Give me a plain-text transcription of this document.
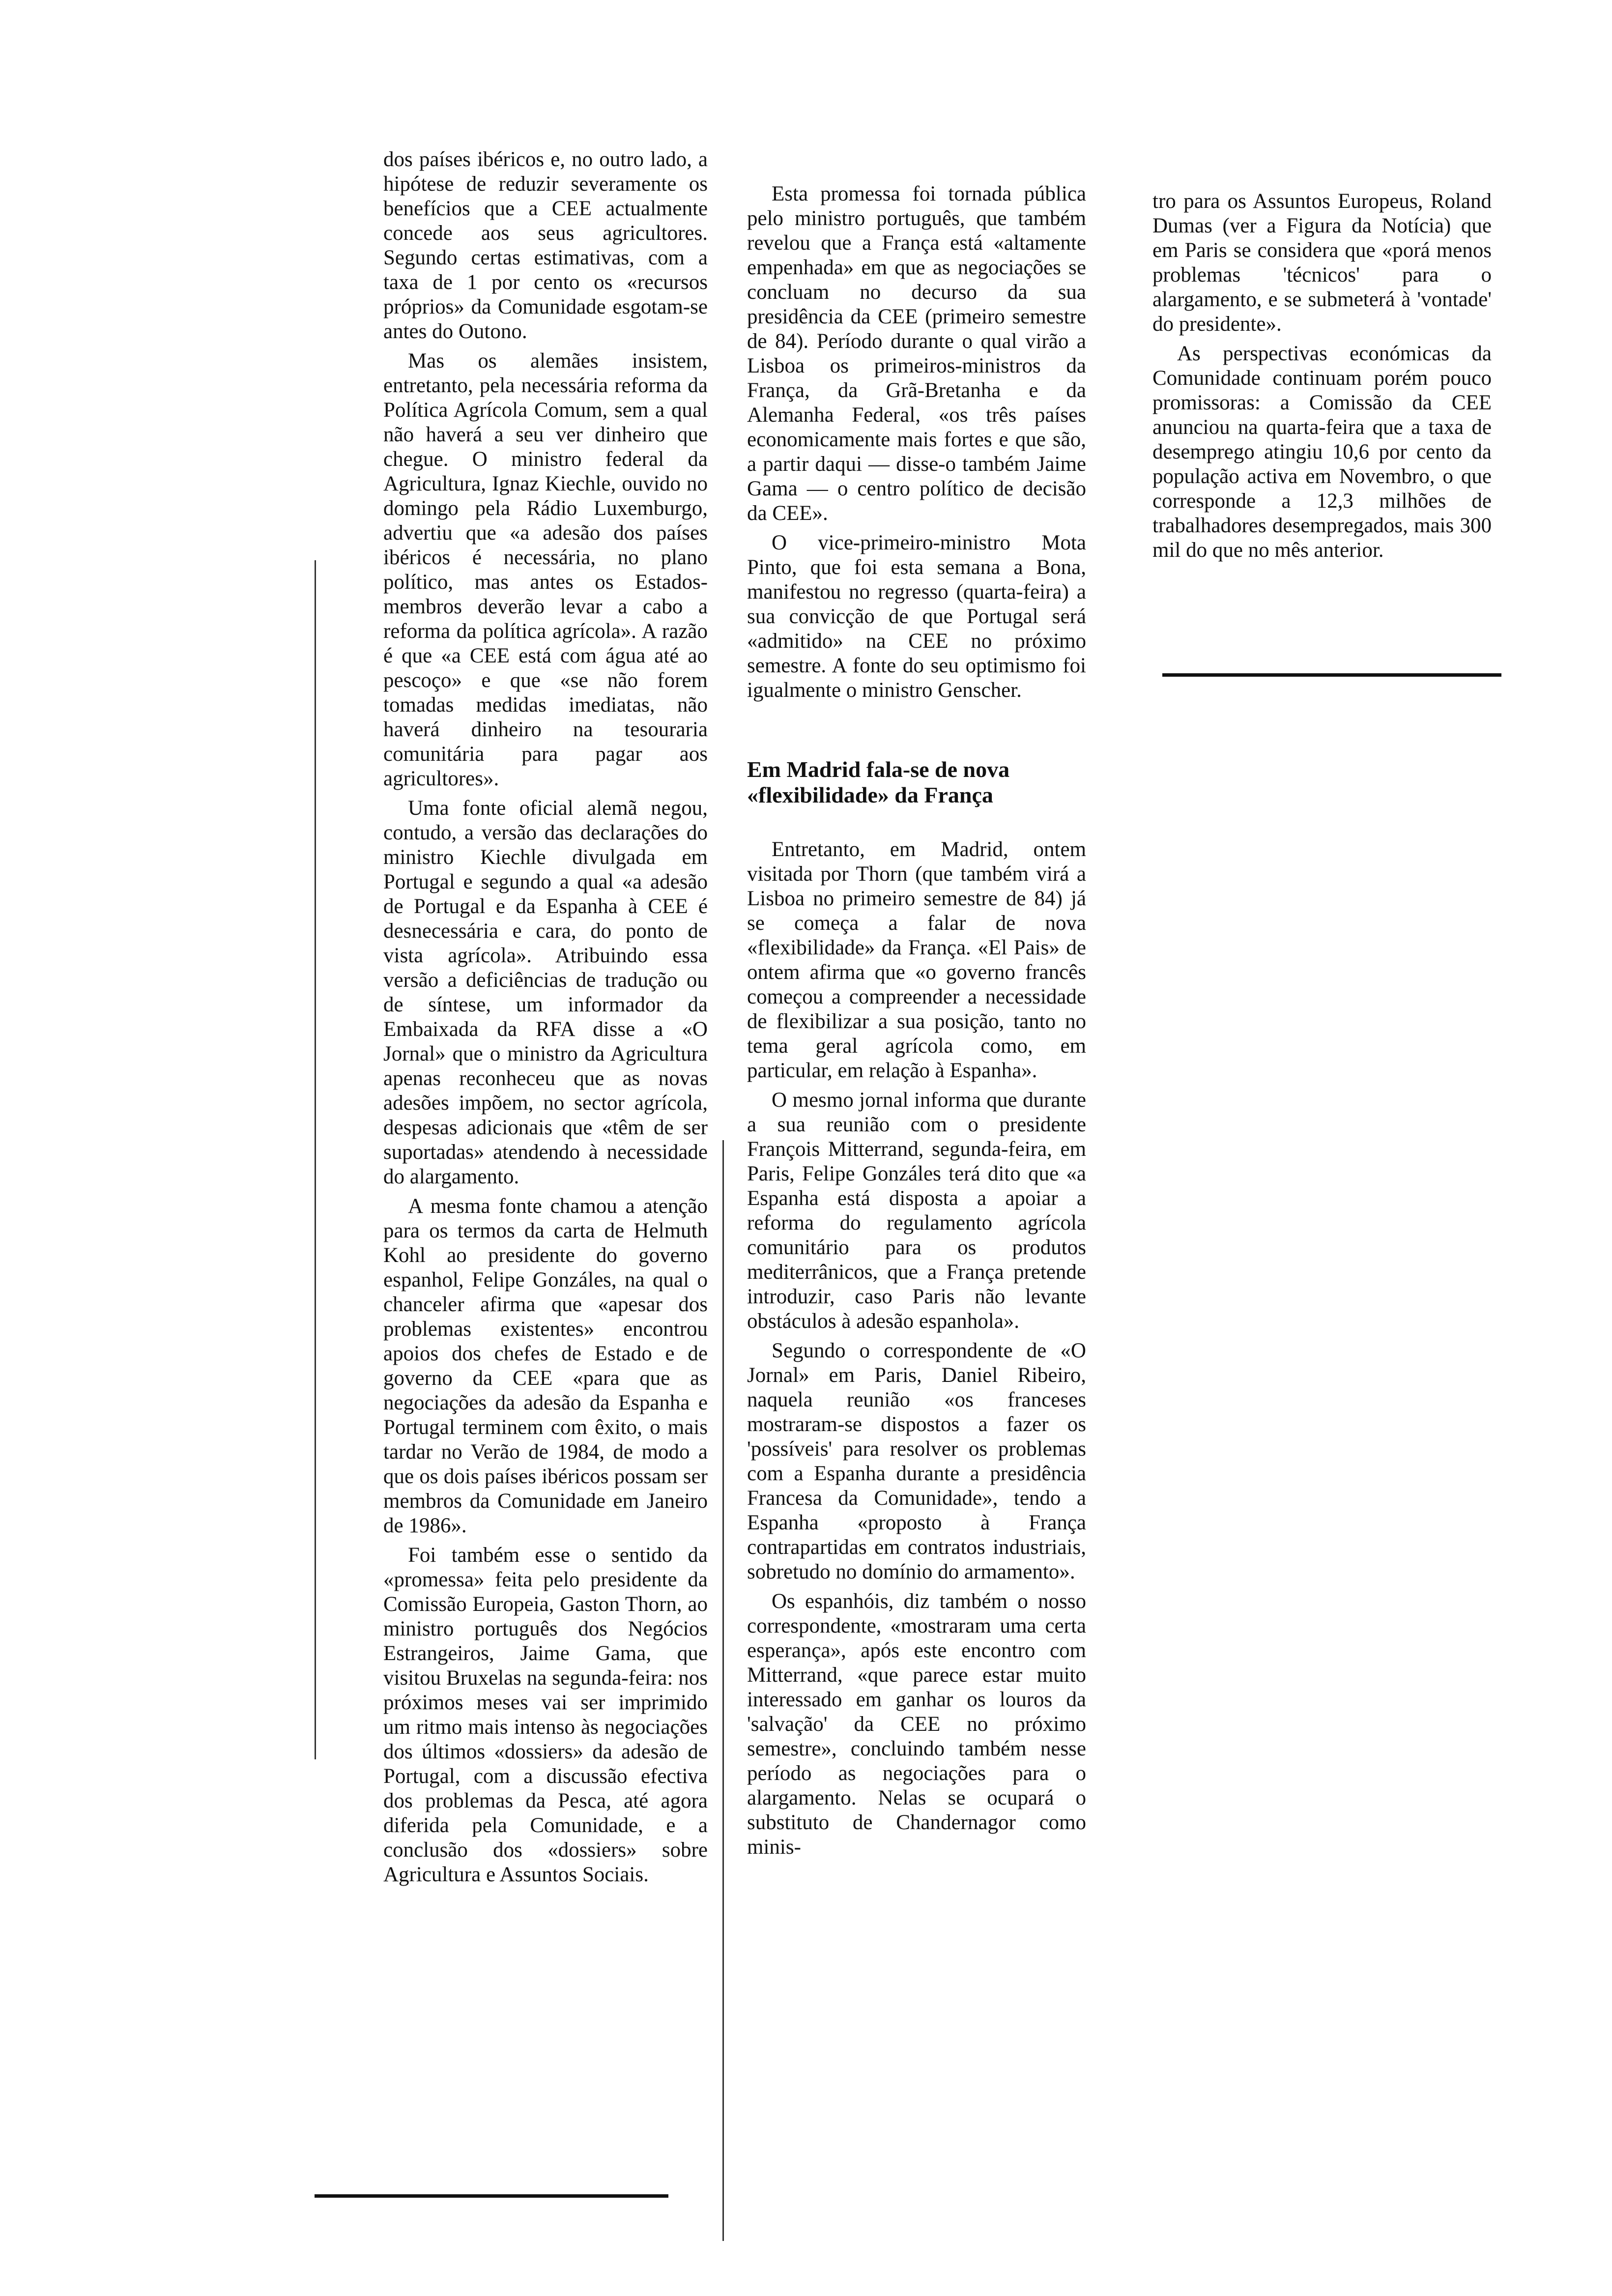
dos países ibéricos e, no outro lado, a hipótese de reduzir severamente os benefícios que a CEE actualmente concede aos seus agricultores. Segundo certas estimativas, com a taxa de 1 por cento os «recursos próprios» da Comunidade esgotam-se antes do Outono.

Mas os alemães insistem, entretanto, pela necessária reforma da Política Agrícola Comum, sem a qual não haverá a seu ver dinheiro que chegue. O ministro federal da Agricultura, Ignaz Kiechle, ouvido no domingo pela Rádio Luxemburgo, advertiu que «a adesão dos países ibéricos é necessária, no plano político, mas antes os Estados-membros deverão levar a cabo a reforma da política agrícola». A razão é que «a CEE está com água até ao pescoço» e que «se não forem tomadas medidas imediatas, não haverá dinheiro na tesouraria comunitária para pagar aos agricultores».

Uma fonte oficial alemã negou, contudo, a versão das declarações do ministro Kiechle divulgada em Portugal e segundo a qual «a adesão de Portugal e da Espanha à CEE é desnecessária e cara, do ponto de vista agrícola». Atribuindo essa versão a deficiências de tradução ou de síntese, um informador da Embaixada da RFA disse a «O Jornal» que o ministro da Agricultura apenas reconheceu que as novas adesões impõem, no sector agrícola, despesas adicionais que «têm de ser suportadas» atendendo à necessidade do alargamento.

A mesma fonte chamou a atenção para os termos da carta de Helmuth Kohl ao presidente do governo espanhol, Felipe Gonzáles, na qual o chanceler afirma que «apesar dos problemas existentes» encontrou apoios dos chefes de Estado e de governo da CEE «para que as negociações da adesão da Espanha e Portugal terminem com êxito, o mais tardar no Verão de 1984, de modo a que os dois países ibéricos possam ser membros da Comunidade em Janeiro de 1986».

Foi também esse o sentido da «promessa» feita pelo presidente da Comissão Europeia, Gaston Thorn, ao ministro português dos Negócios Estrangeiros, Jaime Gama, que visitou Bruxelas na segunda-feira: nos próximos meses vai ser imprimido um ritmo mais intenso às negociações dos últimos «dossiers» da adesão de Portugal, com a discussão efectiva dos problemas da Pesca, até agora diferida pela Comunidade, e a conclusão dos «dossiers» sobre Agricultura e Assuntos Sociais.

Esta promessa foi tornada pública pelo ministro português, que também revelou que a França está «altamente empenhada» em que as negociações se concluam no decurso da sua presidência da CEE (primeiro semestre de 84). Período durante o qual virão a Lisboa os primeiros-ministros da França, da Grã-Bretanha e da Alemanha Federal, «os três países economicamente mais fortes e que são, a partir daqui — disse-o também Jaime Gama — o centro político de decisão da CEE».

O vice-primeiro-ministro Mota Pinto, que foi esta semana a Bona, manifestou no regresso (quarta-feira) a sua convicção de que Portugal será «admitido» na CEE no próximo semestre. A fonte do seu optimismo foi igualmente o ministro Genscher.

Em Madrid fala-se de nova «flexibilidade» da França

Entretanto, em Madrid, ontem visitada por Thorn (que também virá a Lisboa no primeiro semestre de 84) já se começa a falar de nova «flexibilidade» da França. «El Pais» de ontem afirma que «o governo francês começou a compreender a necessidade de flexibilizar a sua posição, tanto no tema geral agrícola como, em particular, em relação à Espanha».

O mesmo jornal informa que durante a sua reunião com o presidente François Mitterrand, segunda-feira, em Paris, Felipe Gonzáles terá dito que «a Espanha está disposta a apoiar a reforma do regulamento agrícola comunitário para os produtos mediterrânicos, que a França pretende introduzir, caso Paris não levante obstáculos à adesão espanhola».

Segundo o correspondente de «O Jornal» em Paris, Daniel Ribeiro, naquela reunião «os franceses mostraram-se dispostos a fazer os 'possíveis' para resolver os problemas com a Espanha durante a presidência Francesa da Comunidade», tendo a Espanha «proposto à França contrapartidas em contratos industriais, sobretudo no domínio do armamento».

Os espanhóis, diz também o nosso correspondente, «mostraram uma certa esperança», após este encontro com Mitterrand, «que parece estar muito interessado em ganhar os louros da 'salvação' da CEE no próximo semestre», concluindo também nesse período as negociações para o alargamento. Nelas se ocupará o substituto de Chandernagor como minis-

tro para os Assuntos Europeus, Roland Dumas (ver a Figura da Notícia) que em Paris se considera que «porá menos problemas 'técnicos' para o alargamento, e se submeterá à 'vontade' do presidente».

As perspectivas económicas da Comunidade continuam porém pouco promissoras: a Comissão da CEE anunciou na quarta-feira que a taxa de desemprego atingiu 10,6 por cento da população activa em Novembro, o que corresponde a 12,3 milhões de trabalhadores desempregados, mais 300 mil do que no mês anterior.
